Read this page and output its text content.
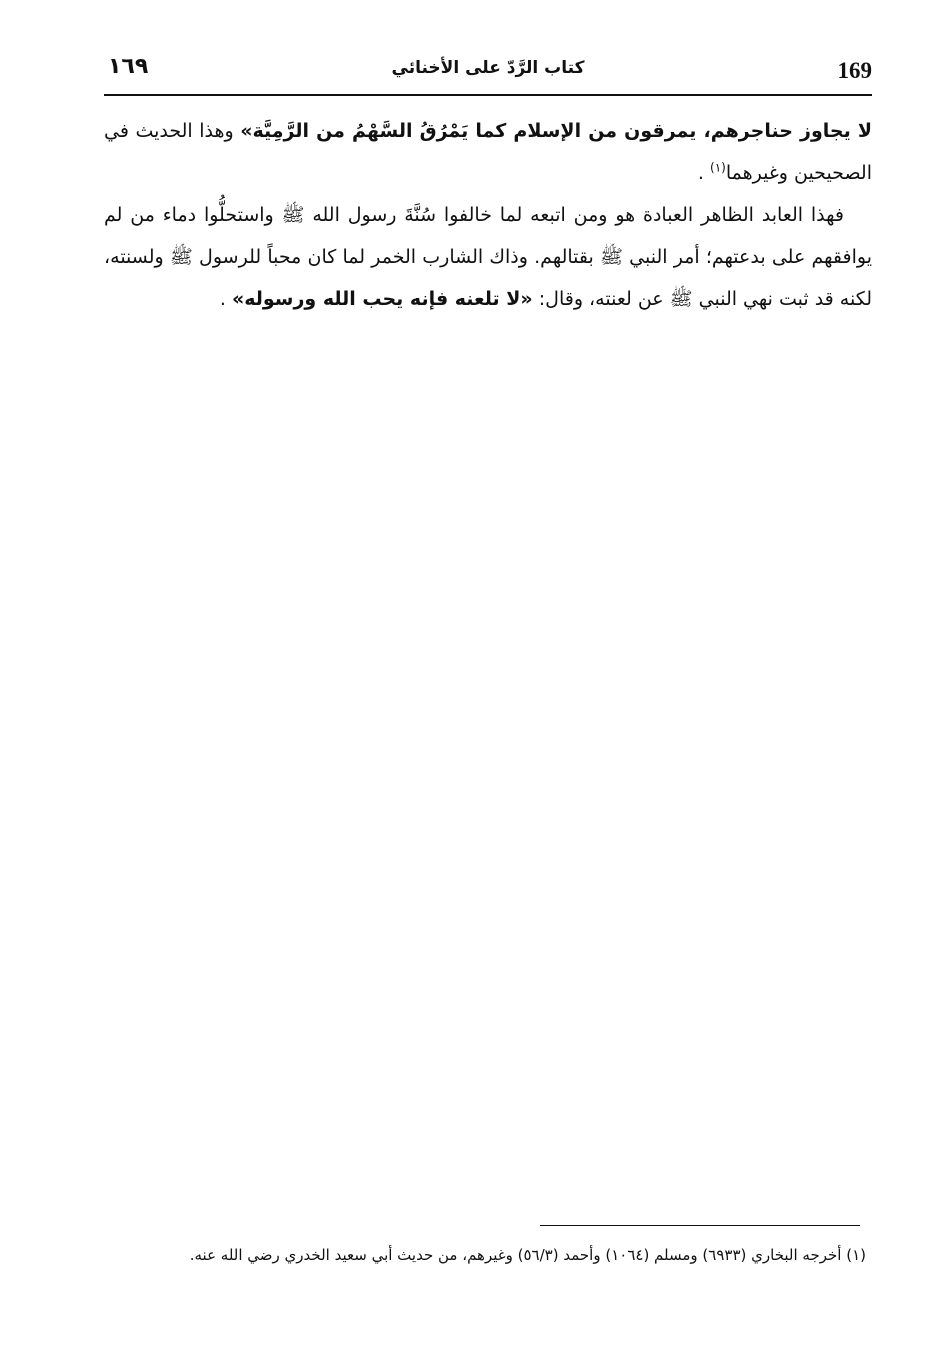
169
كتاب الرَّدّ على الأخنائي
١٦٩

لا يجاوز حناجرهم، يمرقون من الإسلام كما يَمْرُقُ السَّهْمُ من الرَّمِيَّة» وهذا الحديث في الصحيحين وغيرهما$^{(١)}$ .

فهذا العابد الظاهر العبادة هو ومن اتبعه لما خالفوا سُنَّةَ رسول الله ﷺ واستحلُّوا دماء من لم يوافقهم على بدعتهم؛ أمر النبي ﷺ بقتالهم. وذاك الشارب الخمر لما كان محباً للرسول ﷺ ولسنته، لكنه قد ثبت نهي النبي ﷺ عن لعنته، وقال: «لا تلعنه فإنه يحب الله ورسوله» .

(١) أخرجه البخاري (٦٩٣٣) ومسلم (١٠٦٤) وأحمد (٥٦/٣) وغيرهم، من حديث أبي سعيد الخدري رضي الله عنه.
